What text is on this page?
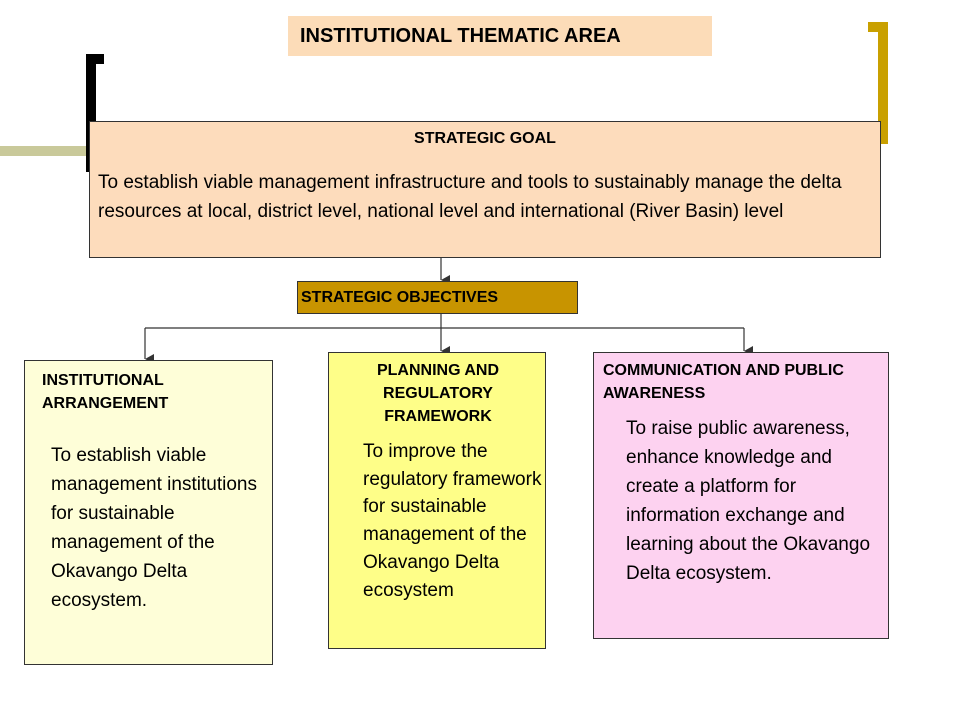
INSTITUTIONAL THEMATIC AREA
STRATEGIC GOAL
To establish viable management infrastructure and tools to sustainably manage the delta resources at local, district level, national level and international (River Basin) level
STRATEGIC OBJECTIVES
INSTITUTIONAL ARRANGEMENT
To establish viable management institutions for sustainable management of the Okavango Delta ecosystem.
PLANNING AND REGULATORY FRAMEWORK
To improve the regulatory framework for sustainable management of the Okavango Delta ecosystem
COMMUNICATION AND PUBLIC AWARENESS
To raise public awareness, enhance knowledge and create a platform for information exchange and learning about the Okavango Delta ecosystem.
